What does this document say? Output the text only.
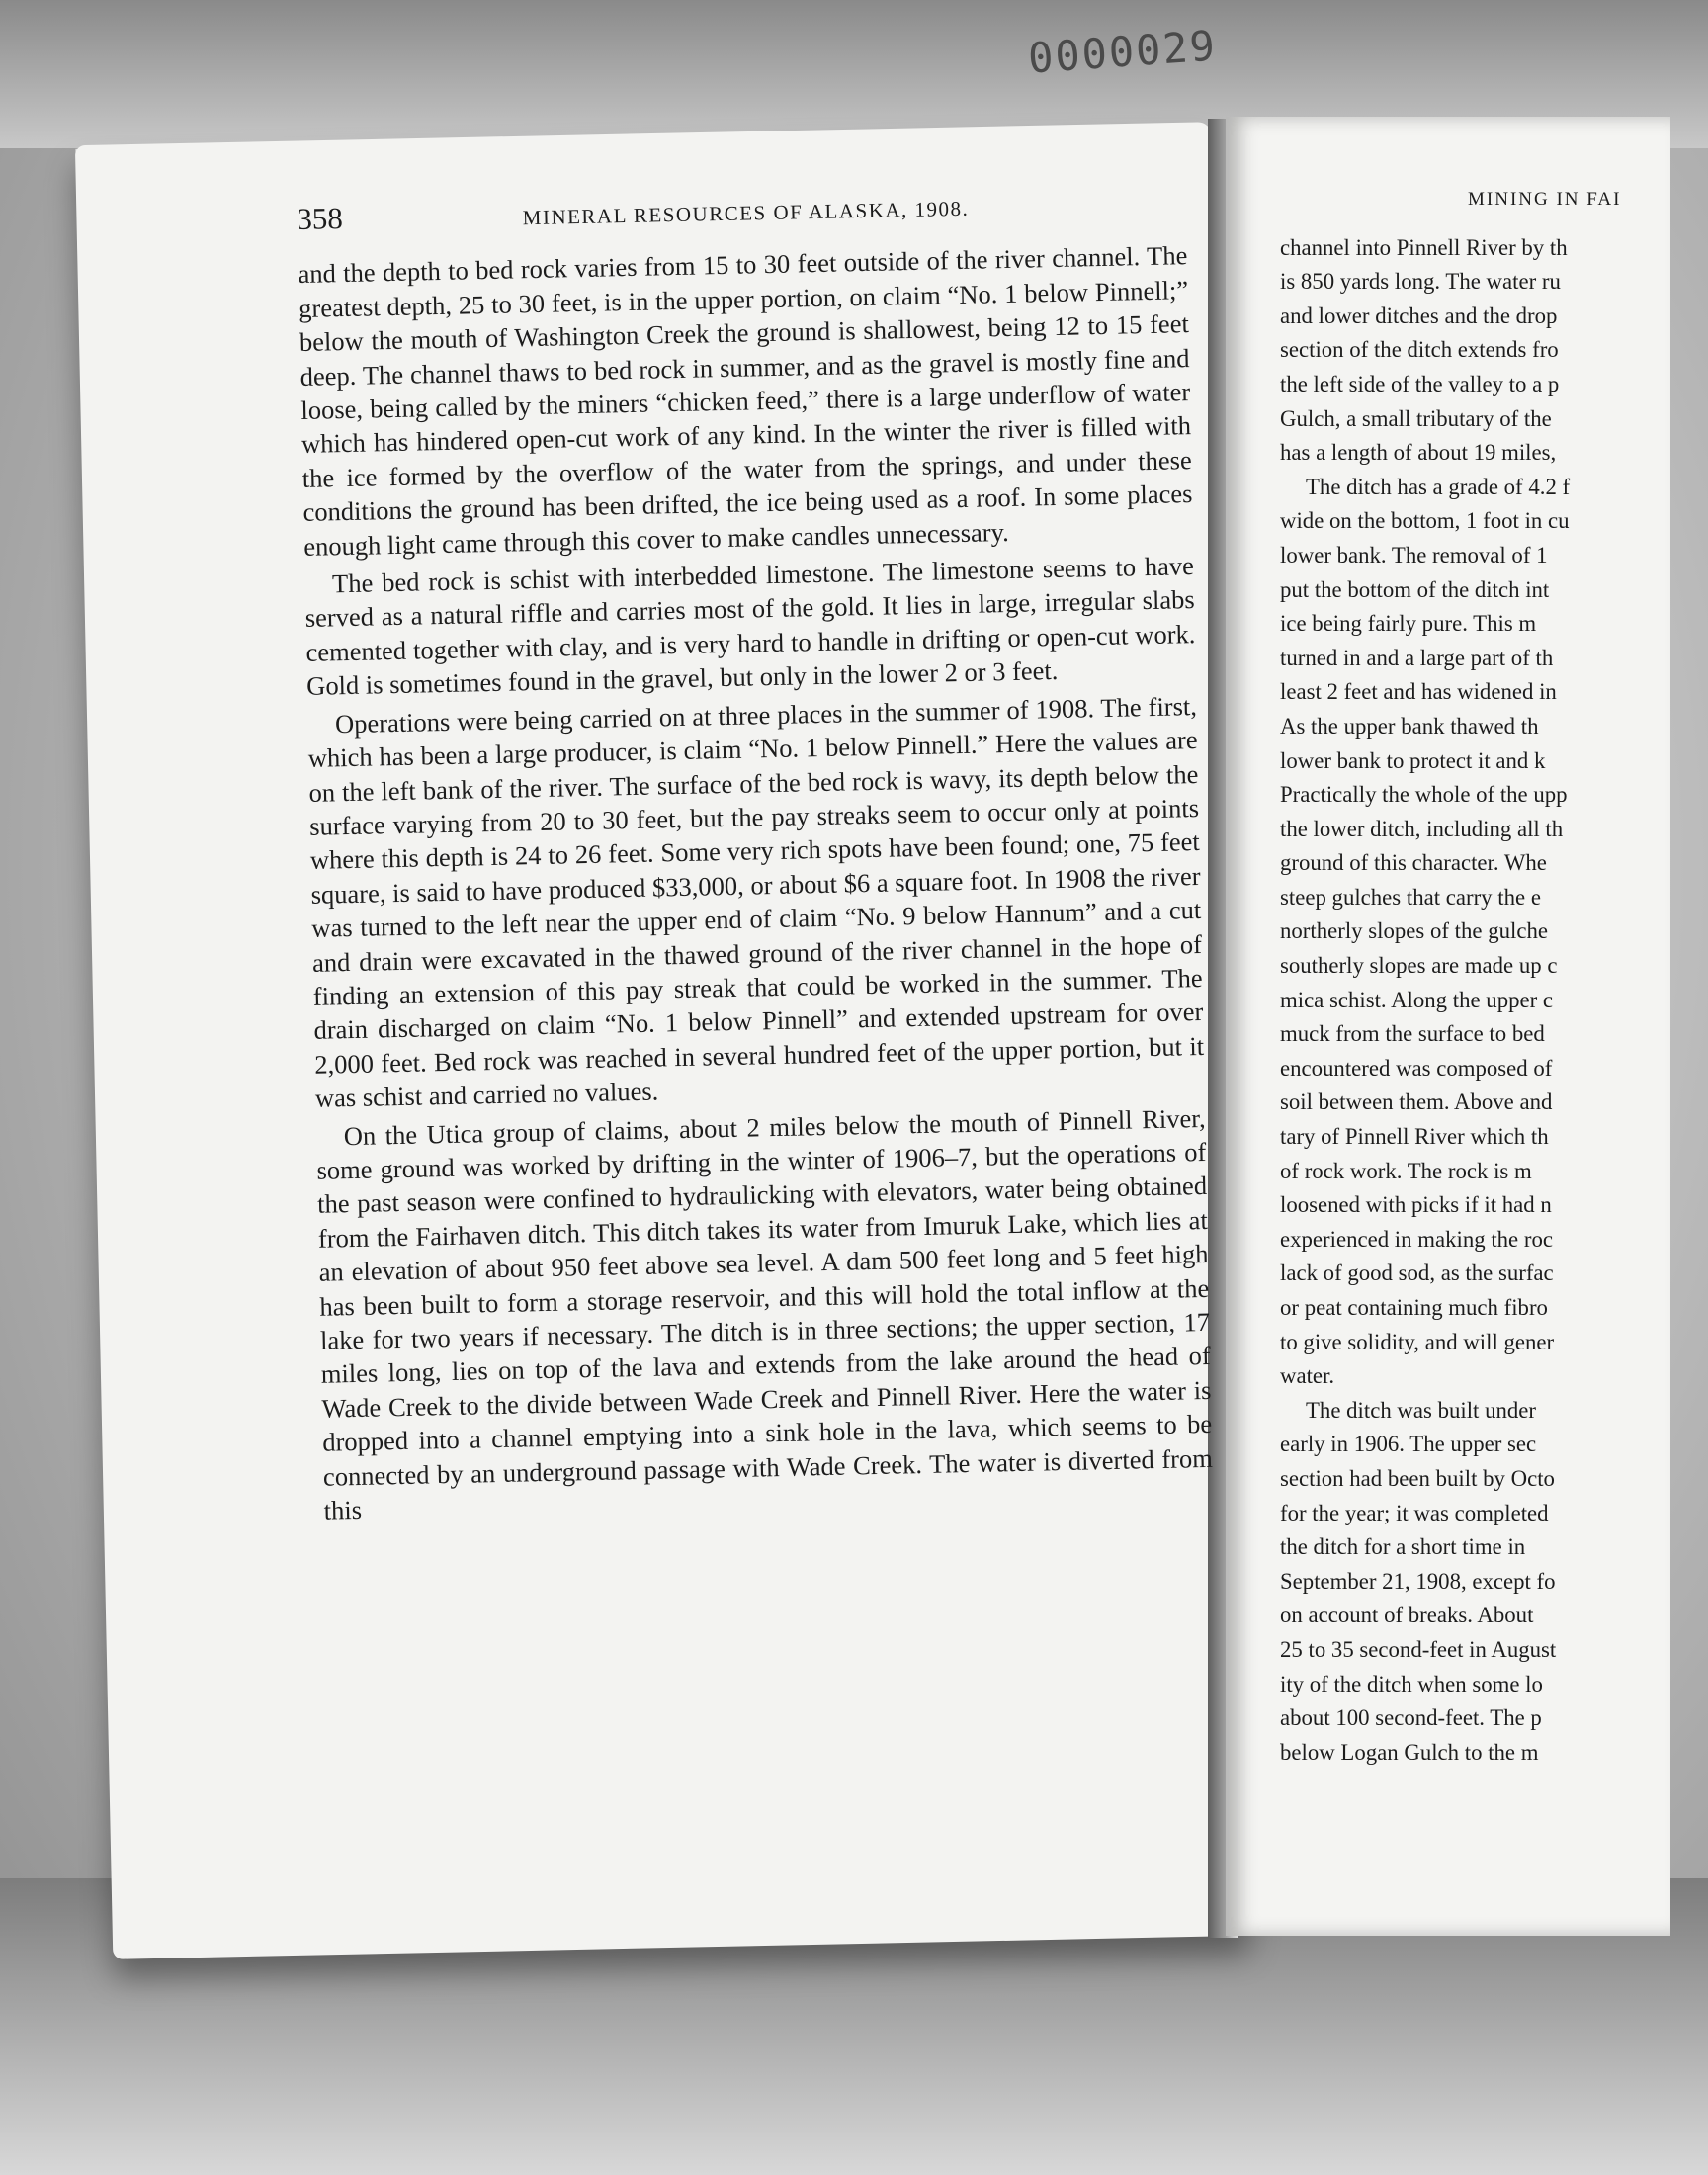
0000029
358	MINERAL RESOURCES OF ALASKA, 1908.

and the depth to bed rock varies from 15 to 30 feet outside of the river channel. The greatest depth, 25 to 30 feet, is in the upper portion, on claim “No. 1 below Pinnell;” below the mouth of Washington Creek the ground is shallowest, being 12 to 15 feet deep. The channel thaws to bed rock in summer, and as the gravel is mostly fine and loose, being called by the miners “chicken feed,” there is a large underflow of water which has hindered open-cut work of any kind. In the winter the river is filled with the ice formed by the overflow of the water from the springs, and under these conditions the ground has been drifted, the ice being used as a roof. In some places enough light came through this cover to make candles unnecessary.

The bed rock is schist with interbedded limestone. The limestone seems to have served as a natural riffle and carries most of the gold. It lies in large, irregular slabs cemented together with clay, and is very hard to handle in drifting or open-cut work. Gold is sometimes found in the gravel, but only in the lower 2 or 3 feet.

Operations were being carried on at three places in the summer of 1908. The first, which has been a large producer, is claim “No. 1 below Pinnell.” Here the values are on the left bank of the river. The surface of the bed rock is wavy, its depth below the surface varying from 20 to 30 feet, but the pay streaks seem to occur only at points where this depth is 24 to 26 feet. Some very rich spots have been found; one, 75 feet square, is said to have produced $33,000, or about $6 a square foot. In 1908 the river was turned to the left near the upper end of claim “No. 9 below Hannum” and a cut and drain were excavated in the thawed ground of the river channel in the hope of finding an extension of this pay streak that could be worked in the summer. The drain discharged on claim “No. 1 below Pinnell” and extended upstream for over 2,000 feet. Bed rock was reached in several hundred feet of the upper portion, but it was schist and carried no values.

On the Utica group of claims, about 2 miles below the mouth of Pinnell River, some ground was worked by drifting in the winter of 1906–7, but the operations of the past season were confined to hydraulicking with elevators, water being obtained from the Fairhaven ditch. This ditch takes its water from Imuruk Lake, which lies at an elevation of about 950 feet above sea level. A dam 500 feet long and 5 feet high has been built to form a storage reservoir, and this will hold the total inflow at the lake for two years if necessary. The ditch is in three sections; the upper section, 17 miles long, lies on top of the lava and extends from the lake around the head of Wade Creek to the divide between Wade Creek and Pinnell River. Here the water is dropped into a channel emptying into a sink hole in the lava, which seems to be connected by an underground passage with Wade Creek. The water is diverted from this

MINING IN FAI
channel into Pinnell River by th
is 850 yards long. The water ru
and lower ditches and the drop
section of the ditch extends fro
the left side of the valley to a p
Gulch, a small tributary of the
has a length of about 19 miles,
The ditch has a grade of 4.2 f
wide on the bottom, 1 foot in cu
lower bank. The removal of 1
put the bottom of the ditch int
ice being fairly pure. This m
turned in and a large part of th
least 2 feet and has widened in
As the upper bank thawed th
lower bank to protect it and k
Practically the whole of the upp
the lower ditch, including all th
ground of this character. Whe
steep gulches that carry the e
northerly slopes of the gulche
southerly slopes are made up c
mica schist. Along the upper c
muck from the surface to bed
encountered was composed of
soil between them. Above and
tary of Pinnell River which th
of rock work. The rock is m
loosened with picks if it had n
experienced in making the roc
lack of good sod, as the surfac
or peat containing much fibro
to give solidity, and will gener
water.
The ditch was built under
early in 1906. The upper sec
section had been built by Octo
for the year; it was completed
the ditch for a short time in
September 21, 1908, except fo
on account of breaks. About
25 to 35 second-feet in August
ity of the ditch when some lo
about 100 second-feet. The p
below Logan Gulch to the m
